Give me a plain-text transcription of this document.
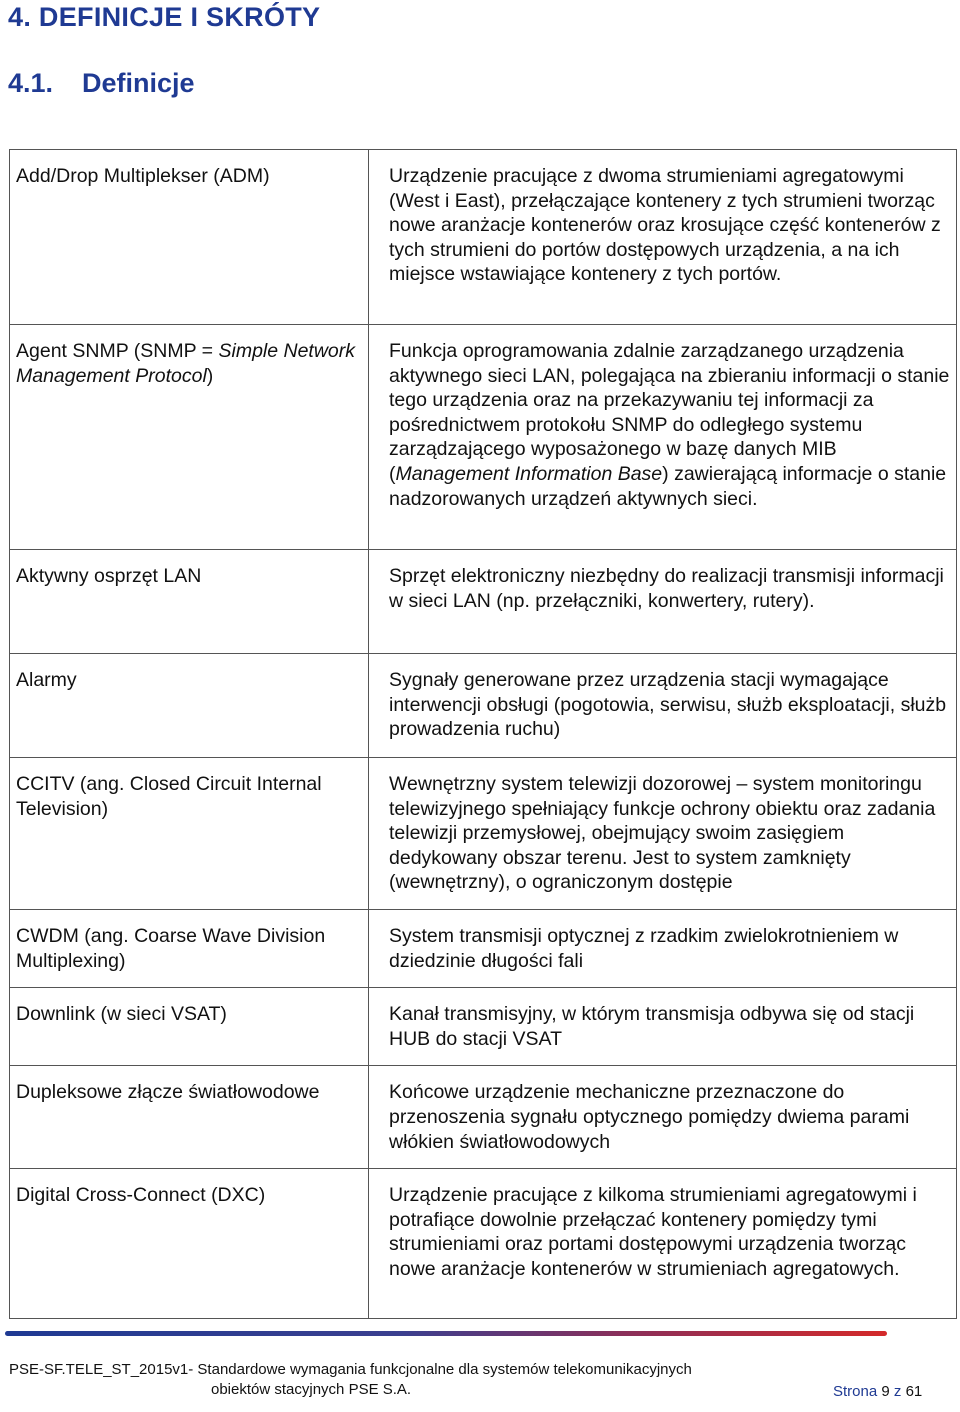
4. DEFINICJE I SKRÓTY
4.1. Definicje
Add/Drop Multiplekser (ADM)	Urządzenie pracujące z dwoma strumieniami agregatowymi (West i East), przełączające kontenery z tych strumieni tworząc nowe aranżacje kontenerów oraz krosujące część kontenerów z tych strumieni do portów dostępowych urządzenia, a na ich miejsce wstawiające kontenery z tych portów.
Agent SNMP (SNMP = Simple Network Management Protocol)	Funkcja oprogramowania zdalnie zarządzanego urządzenia aktywnego sieci LAN, polegająca na zbieraniu informacji o stanie tego urządzenia oraz na przekazywaniu tej informacji za pośrednictwem protokołu SNMP do odległego systemu zarządzającego wyposażonego w bazę danych MIB (Management Information Base) zawierającą informacje o stanie nadzorowanych urządzeń aktywnych sieci.
Aktywny osprzęt LAN	Sprzęt elektroniczny niezbędny do realizacji transmisji informacji w sieci LAN (np. przełączniki, konwertery, rutery).
Alarmy	Sygnały generowane przez urządzenia stacji wymagające interwencji obsługi (pogotowia, serwisu, służb eksploatacji, służb prowadzenia ruchu)
CCITV (ang. Closed Circuit Internal Television)	Wewnętrzny system telewizji dozorowej – system monitoringu telewizyjnego spełniający funkcje ochrony obiektu oraz zadania telewizji przemysłowej, obejmujący swoim zasięgiem dedykowany obszar terenu. Jest to system zamknięty (wewnętrzny), o ograniczonym dostępie
CWDM (ang. Coarse Wave Division Multiplexing)	System transmisji optycznej z rzadkim zwielokrotnieniem w dziedzinie długości fali
Downlink (w sieci VSAT)	Kanał transmisyjny, w którym transmisja odbywa się od stacji HUB do stacji VSAT
Dupleksowe złącze światłowodowe	Końcowe urządzenie mechaniczne przeznaczone do przenoszenia sygnału optycznego pomiędzy dwiema parami włókien światłowodowych
Digital Cross-Connect (DXC)	Urządzenie pracujące z kilkoma strumieniami agregatowymi i potrafiące dowolnie przełączać kontenery pomiędzy tymi strumieniami oraz portami dostępowymi urządzenia tworząc nowe aranżacje kontenerów w strumieniach agregatowych.
PSE-SF.TELE_ST_2015v1- Standardowe wymagania funkcjonalne dla systemów telekomunikacyjnych
obiektów stacyjnych PSE S.A.	Strona 9 z 61
